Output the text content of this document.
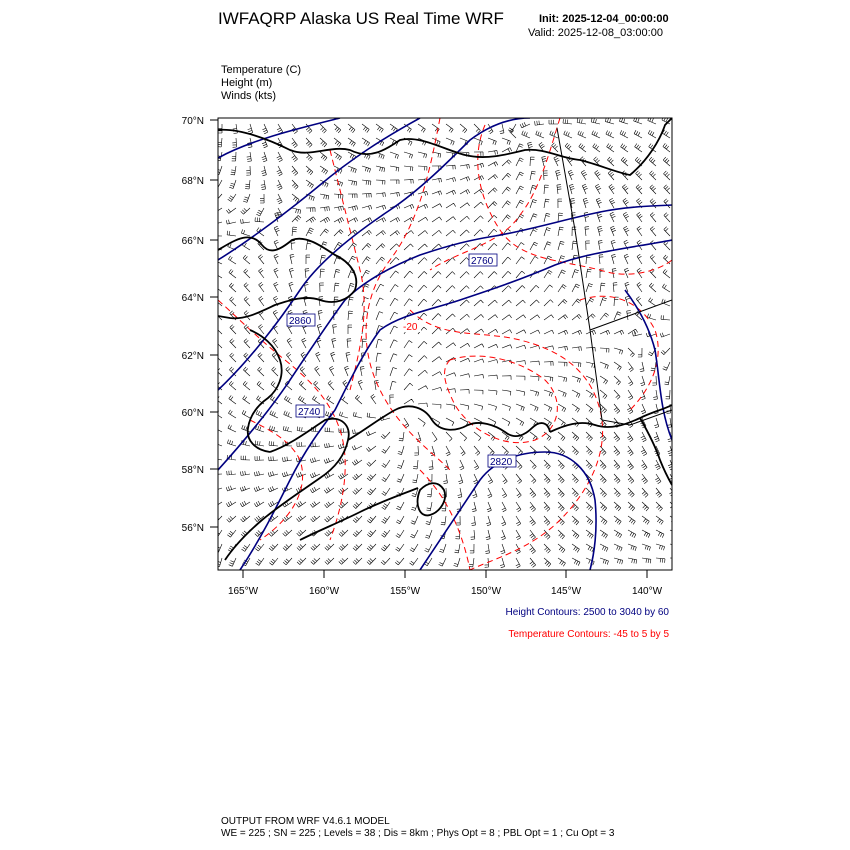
IWFAQRP Alaska US Real Time WRF	Init: 2025-12-04_00:00:00
Valid: 2025-12-08_03:00:00
Temperature (C)
Height (m)
Winds (kts)
2760
2860
2740
2820
-20
70°N
68°N
66°N
64°N
62°N
60°N
58°N
56°N
165°W	160°W	155°W	150°W	145°W	140°W
Height Contours: 2500 to 3040 by 60
Temperature Contours: -45 to 5 by 5
OUTPUT FROM WRF V4.6.1 MODEL
WE = 225 ; SN = 225 ; Levels = 38 ; Dis = 8km ; Phys Opt = 8 ; PBL Opt = 1 ; Cu Opt = 3
